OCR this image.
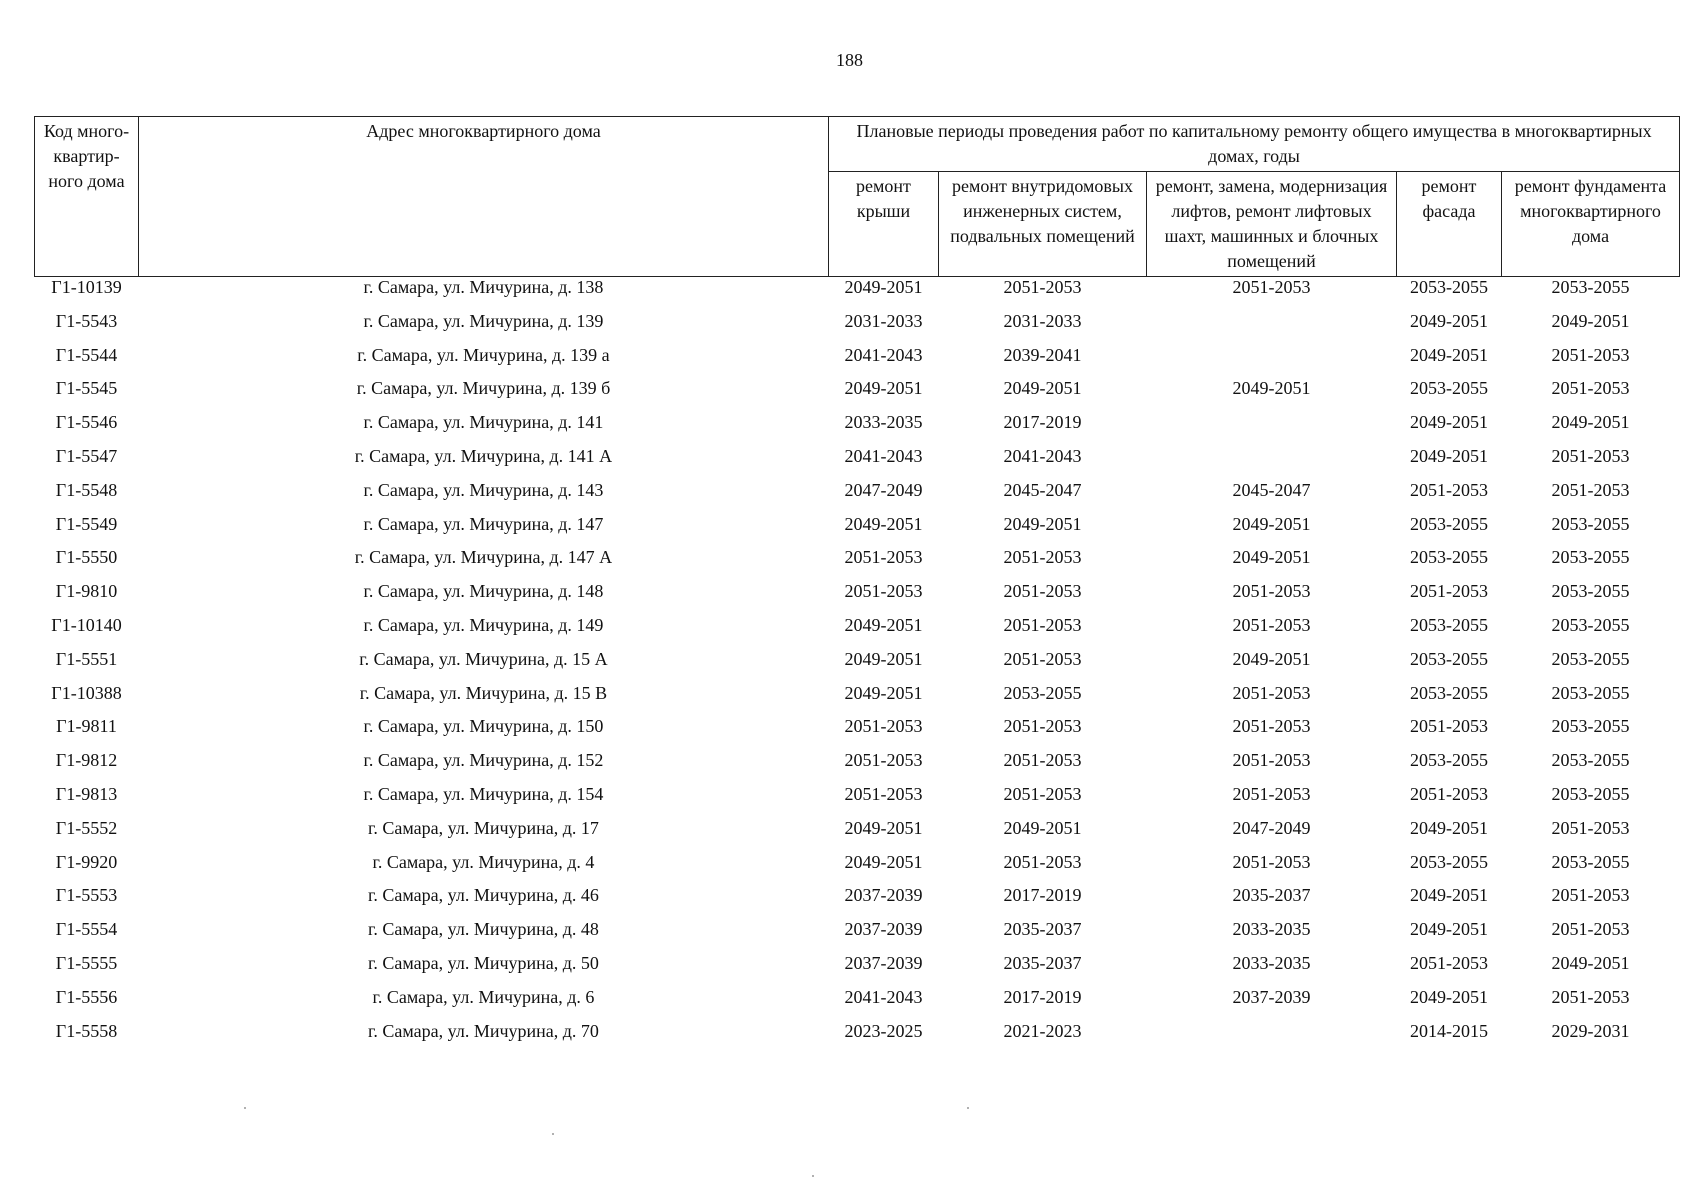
188
Код много-
квартир-
ного дома	Адрес многоквартирного дома	Плановые периоды проведения работ по капитальному ремонту общего имущества в многоквартирных домах, годы				
		ремонт крыши	ремонт внутридомовых инженерных систем, подвальных помещений	ремонт, замена, модернизация лифтов, ремонт лифтовых шахт, машинных и блочных помещений	ремонт фасада	ремонт фундамента многоквартирного дома
Г1-10139	г. Самара, ул. Мичурина, д. 138	2049-2051	2051-2053	2051-2053	2053-2055	2053-2055
Г1-5543	г. Самара, ул. Мичурина, д. 139	2031-2033	2031-2033		2049-2051	2049-2051
Г1-5544	г. Самара, ул. Мичурина, д. 139 а	2041-2043	2039-2041		2049-2051	2051-2053
Г1-5545	г. Самара, ул. Мичурина, д. 139 б	2049-2051	2049-2051	2049-2051	2053-2055	2051-2053
Г1-5546	г. Самара, ул. Мичурина, д. 141	2033-2035	2017-2019		2049-2051	2049-2051
Г1-5547	г. Самара, ул. Мичурина, д. 141 А	2041-2043	2041-2043		2049-2051	2051-2053
Г1-5548	г. Самара, ул. Мичурина, д. 143	2047-2049	2045-2047	2045-2047	2051-2053	2051-2053
Г1-5549	г. Самара, ул. Мичурина, д. 147	2049-2051	2049-2051	2049-2051	2053-2055	2053-2055
Г1-5550	г. Самара, ул. Мичурина, д. 147 А	2051-2053	2051-2053	2049-2051	2053-2055	2053-2055
Г1-9810	г. Самара, ул. Мичурина, д. 148	2051-2053	2051-2053	2051-2053	2051-2053	2053-2055
Г1-10140	г. Самара, ул. Мичурина, д. 149	2049-2051	2051-2053	2051-2053	2053-2055	2053-2055
Г1-5551	г. Самара, ул. Мичурина, д. 15 А	2049-2051	2051-2053	2049-2051	2053-2055	2053-2055
Г1-10388	г. Самара, ул. Мичурина, д. 15 В	2049-2051	2053-2055	2051-2053	2053-2055	2053-2055
Г1-9811	г. Самара, ул. Мичурина, д. 150	2051-2053	2051-2053	2051-2053	2051-2053	2053-2055
Г1-9812	г. Самара, ул. Мичурина, д. 152	2051-2053	2051-2053	2051-2053	2053-2055	2053-2055
Г1-9813	г. Самара, ул. Мичурина, д. 154	2051-2053	2051-2053	2051-2053	2051-2053	2053-2055
Г1-5552	г. Самара, ул. Мичурина, д. 17	2049-2051	2049-2051	2047-2049	2049-2051	2051-2053
Г1-9920	г. Самара, ул. Мичурина, д. 4	2049-2051	2051-2053	2051-2053	2053-2055	2053-2055
Г1-5553	г. Самара, ул. Мичурина, д. 46	2037-2039	2017-2019	2035-2037	2049-2051	2051-2053
Г1-5554	г. Самара, ул. Мичурина, д. 48	2037-2039	2035-2037	2033-2035	2049-2051	2051-2053
Г1-5555	г. Самара, ул. Мичурина, д. 50	2037-2039	2035-2037	2033-2035	2051-2053	2049-2051
Г1-5556	г. Самара, ул. Мичурина, д. 6	2041-2043	2017-2019	2037-2039	2049-2051	2051-2053
Г1-5558	г. Самара, ул. Мичурина, д. 70	2023-2025	2021-2023		2014-2015	2029-2031
